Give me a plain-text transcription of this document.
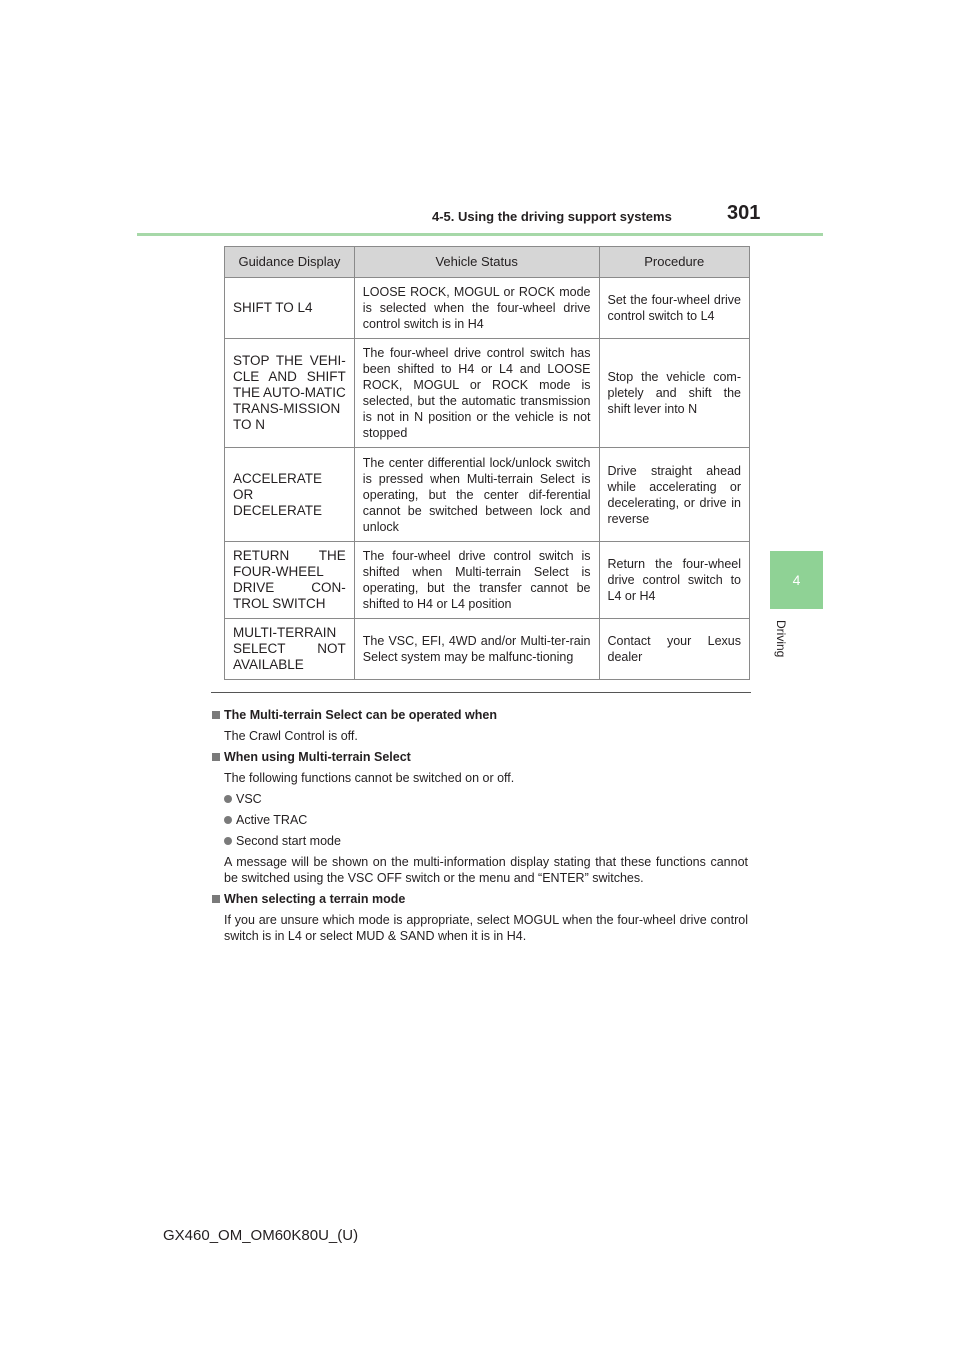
4-5. Using the driving support systems	301
4
Driving
Guidance Display	Vehicle Status	Procedure
SHIFT TO L4	LOOSE ROCK, MOGUL or ROCK mode is selected when the four-wheel drive control switch is in H4	Set the four-wheel drive control switch to L4
STOP THE VEHI-CLE AND SHIFT THE AUTO-MATIC TRANS-MISSION TO N	The four-wheel drive control switch has been shifted to H4 or L4 and LOOSE ROCK, MOGUL or ROCK mode is selected, but the automatic transmission is not in N position or the vehicle is not stopped	Stop the vehicle com-pletely and shift the shift lever into N
ACCELERATE OR DECELERATE	The center differential lock/unlock switch is pressed when Multi-terrain Select is operating, but the center dif-ferential cannot be switched between lock and unlock	Drive straight ahead while accelerating or decelerating, or drive in reverse
RETURN THE FOUR-WHEEL DRIVE CON-TROL SWITCH	The four-wheel drive control switch is shifted when Multi-terrain Select is operating, but the transfer cannot be shifted to H4 or L4 position	Return the four-wheel drive control switch to L4 or H4
MULTI-TERRAIN SELECT NOT AVAILABLE	The VSC, EFI, 4WD and/or Multi-ter-rain Select system may be malfunc-tioning	Contact your Lexus dealer
The Multi-terrain Select can be operated when
The Crawl Control is off.
When using Multi-terrain Select
The following functions cannot be switched on or off.
VSC
Active TRAC
Second start mode
A message will be shown on the multi-information display stating that these functions cannot be switched using the VSC OFF switch or the menu and “ENTER” switches.
When selecting a terrain mode
If you are unsure which mode is appropriate, select MOGUL when the four-wheel drive control switch is in L4 or select MUD & SAND when it is in H4.
GX460_OM_OM60K80U_(U)
